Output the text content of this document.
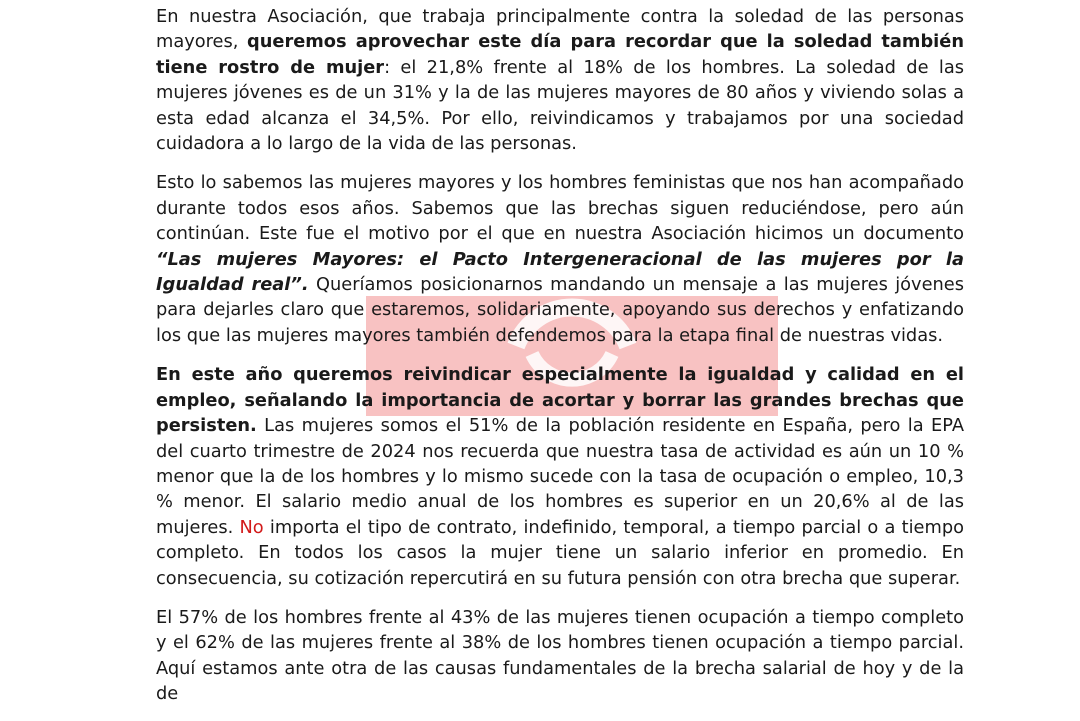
En nuestra Asociación, que trabaja principalmente contra la soledad de las personas mayores, queremos aprovechar este día para recordar que la soledad también tiene rostro de mujer: el 21,8% frente al 18% de los hombres. La soledad de las mujeres jóvenes es de un 31% y la de las mujeres mayores de 80 años y viviendo solas a esta edad alcanza el 34,5%. Por ello, reivindicamos y trabajamos por una sociedad cuidadora a lo largo de la vida de las personas.

Esto lo sabemos las mujeres mayores y los hombres feministas que nos han acompañado durante todos esos años. Sabemos que las brechas siguen reduciéndose, pero aún continúan. Este fue el motivo por el que en nuestra Asociación hicimos un documento “Las mujeres Mayores: el Pacto Intergeneracional de las mujeres por la Igualdad real”. Queríamos posicionarnos mandando un mensaje a las mujeres jóvenes para dejarles claro que estaremos, solidariamente, apoyando sus derechos y enfatizando los que las mujeres mayores también defendemos para la etapa final de nuestras vidas.

En este año queremos reivindicar especialmente la igualdad y calidad en el empleo, señalando la importancia de acortar y borrar las grandes brechas que persisten. Las mujeres somos el 51% de la población residente en España, pero la EPA del cuarto trimestre de 2024 nos recuerda que nuestra tasa de actividad es aún un 10 % menor que la de los hombres y lo mismo sucede con la tasa de ocupación o empleo, 10,3 % menor. El salario medio anual de los hombres es superior en un 20,6% al de las mujeres. No importa el tipo de contrato, indefinido, temporal, a tiempo parcial o a tiempo completo. En todos los casos la mujer tiene un salario inferior en promedio. En consecuencia, su cotización repercutirá en su futura pensión con otra brecha que superar.

El 57% de los hombres frente al 43% de las mujeres tienen ocupación a tiempo completo y el 62% de las mujeres frente al 38% de los hombres tienen ocupación a tiempo parcial. Aquí estamos ante otra de las causas fundamentales de la brecha salarial de hoy y de la de
